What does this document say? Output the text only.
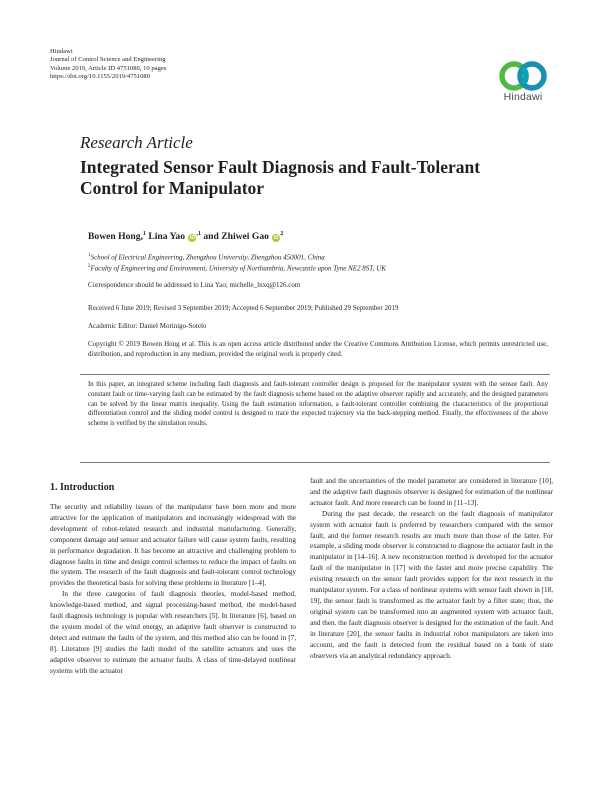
Hindawi
Journal of Control Science and Engineering
Volume 2019, Article ID 4751080, 10 pages
https://doi.org/10.1155/2019/4751080
Hindawi
Research Article
Integrated Sensor Fault Diagnosis and Fault-Tolerant Control for Manipulator
Bowen Hong,$^1$ Lina Yao $iD^{,1}$ and Zhiwei Gao $iD^2$
$^1$School of Electrical Engineering, Zhengzhou University, Zhengzhou 450001, China
$^2$Faculty of Engineering and Environment, University of Northumbria, Newcastle upon Tyne NE2 8ST, UK
Correspondence should be addressed to Lina Yao; michelle_lnxq@126.com
Received 6 June 2019; Revised 3 September 2019; Accepted 6 September 2019; Published 29 September 2019
Academic Editor: Daniel Morinigo-Sotelo
Copyright © 2019 Bowen Hong et al. This is an open access article distributed under the Creative Commons Attribution License, which permits unrestricted use, distribution, and reproduction in any medium, provided the original work is properly cited.
In this paper, an integrated scheme including fault diagnosis and fault-tolerant controller design is proposed for the manipulator system with the sensor fault. Any constant fault or time-varying fault can be estimated by the fault diagnosis scheme based on the adaptive observer rapidly and accurately, and the designed parameters can be solved by the linear matrix inequality. Using the fault estimation information, a fault-tolerant controller combining the characteristics of the proportional differentiation control and the sliding model control is designed to trace the expected trajectory via the back-stepping method. Finally, the effectiveness of the above scheme is verified by the simulation results.
1. Introduction

The security and reliability issues of the manipulator have been more and more attractive for the application of manipulators and increasingly widespread with the development of robot-related research and industrial manufacturing. Generally, component damage and sensor and actuator failure will cause system faults, resulting in performance degradation. It has become an attractive and challenging problem to diagnose faults in time and design control schemes to reduce the impact of faults on the system. The research of the fault diagnosis and fault-tolerant control technology provides the theoretical basis for solving these problems in literature [1–4].

In the three categories of fault diagnosis theories, model-based method, knowledge-based method, and signal processing-based method, the model-based fault diagnosis technology is popular with researchers [5]. In literature [6], based on the system model of the wind energy, an adaptive fault observer is constructed to detect and estimate the faults of the system, and this method also can be found in [7, 8]. Literature [9] studies the fault model of the satellite actuators and uses the adaptive observer to estimate the actuator faults. A class of time-delayed nonlinear systems with the actuator

fault and the uncertainties of the model parameter are considered in literature [10], and the adaptive fault diagnosis observer is designed for estimation of the nonlinear actuator fault. And more research can be found in [11–13].

During the past decade, the research on the fault diagnosis of manipulator system with actuator fault is preferred by researchers compared with the sensor fault, and the former research results are much more than those of the latter. For example, a sliding mode observer is constructed to diagnose the actuator fault in the manipulator in [14–16]. A new reconstruction method is developed for the actuator fault of the manipulator in [17] with the faster and more precise capability. The existing research on the sensor fault provides support for the next research in the manipulator system. For a class of nonlinear systems with sensor fault shown in [18, 19], the sensor fault is transformed as the actuator fault by a filter state; thus, the original system can be transformed into an augmented system with actuator fault, and then. the fault diagnosis observer is designed for the estimation of the fault. And in literature [20], the sensor faults in industrial robot manipulators are taken into account, and the fault is detected from the residual based on a bank of state observers via an analytical redundancy approach.
